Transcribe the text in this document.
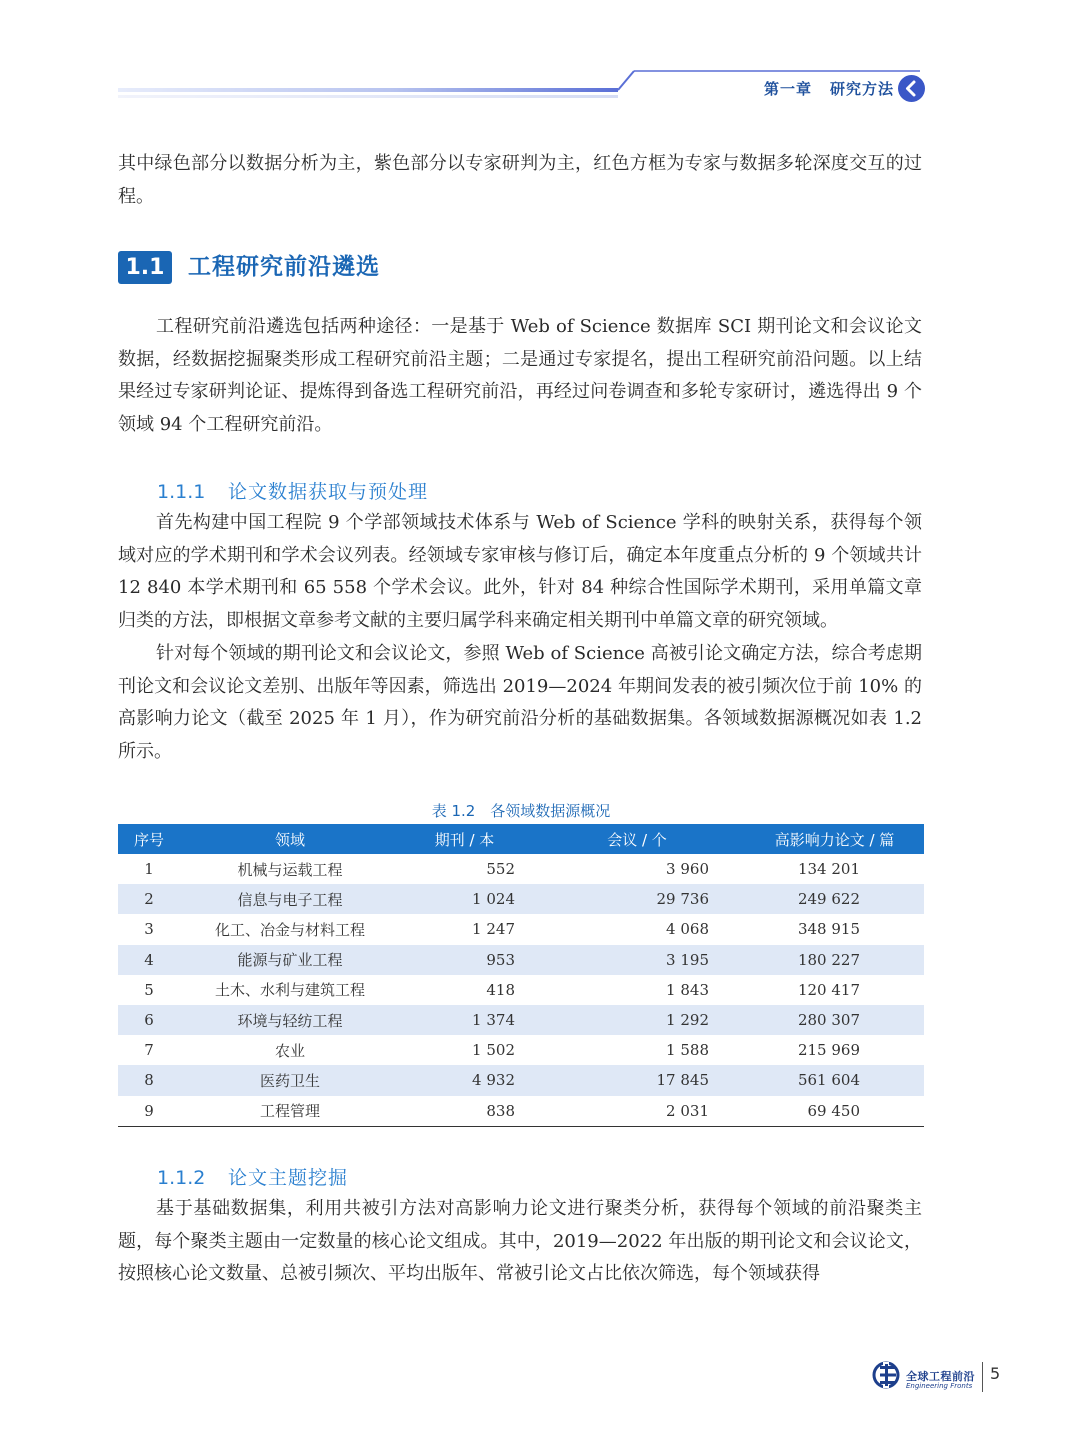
第一章 研究方法

其中绿色部分以数据分析为主，紫色部分以专家研判为主，红色方框为专家与数据多轮深度交互的过程。

1.1	工程研究前沿遴选

工程研究前沿遴选包括两种途径：一是基于 Web of Science 数据库 SCI 期刊论文和会议论文数据，经数据挖掘聚类形成工程研究前沿主题；二是通过专家提名，提出工程研究前沿问题。以上结果经过专家研判论证、提炼得到备选工程研究前沿，再经过问卷调查和多轮专家研讨，遴选得出 9 个领域 94 个工程研究前沿。

1.1.1 论文数据获取与预处理

首先构建中国工程院 9 个学部领域技术体系与 Web of Science 学科的映射关系，获得每个领域对应的学术期刊和学术会议列表。经领域专家审核与修订后，确定本年度重点分析的 9 个领域共计 12 840 本学术期刊和 65 558 个学术会议。此外，针对 84 种综合性国际学术期刊，采用单篇文章归类的方法，即根据文章参考文献的主要归属学科来确定相关期刊中单篇文章的研究领域。

针对每个领域的期刊论文和会议论文，参照 Web of Science 高被引论文确定方法，综合考虑期刊论文和会议论文差别、出版年等因素，筛选出 2019—2024 年期间发表的被引频次位于前 10% 的高影响力论文（截至 2025 年 1 月），作为研究前沿分析的基础数据集。各领域数据源概况如表 1.2 所示。

表 1.2　各领域数据源概况
序号	领域	期刊 / 本	会议 / 个	高影响力论文 / 篇
1	机械与运载工程	552	3 960	134 201
2	信息与电子工程	1 024	29 736	249 622
3	化工、冶金与材料工程	1 247	4 068	348 915
4	能源与矿业工程	953	3 195	180 227
5	土木、水利与建筑工程	418	1 843	120 417
6	环境与轻纺工程	1 374	1 292	280 307
7	农业	1 502	1 588	215 969
8	医药卫生	4 932	17 845	561 604
9	工程管理	838	2 031	69 450
1.1.2 论文主题挖掘

基于基础数据集，利用共被引方法对高影响力论文进行聚类分析，获得每个领域的前沿聚类主题，每个聚类主题由一定数量的核心论文组成。其中，2019—2022 年出版的期刊论文和会议论文，按照核心论文数量、总被引频次、平均出版年、常被引论文占比依次筛选，每个领域获得

全球工程前沿
Engineering Fronts
5
